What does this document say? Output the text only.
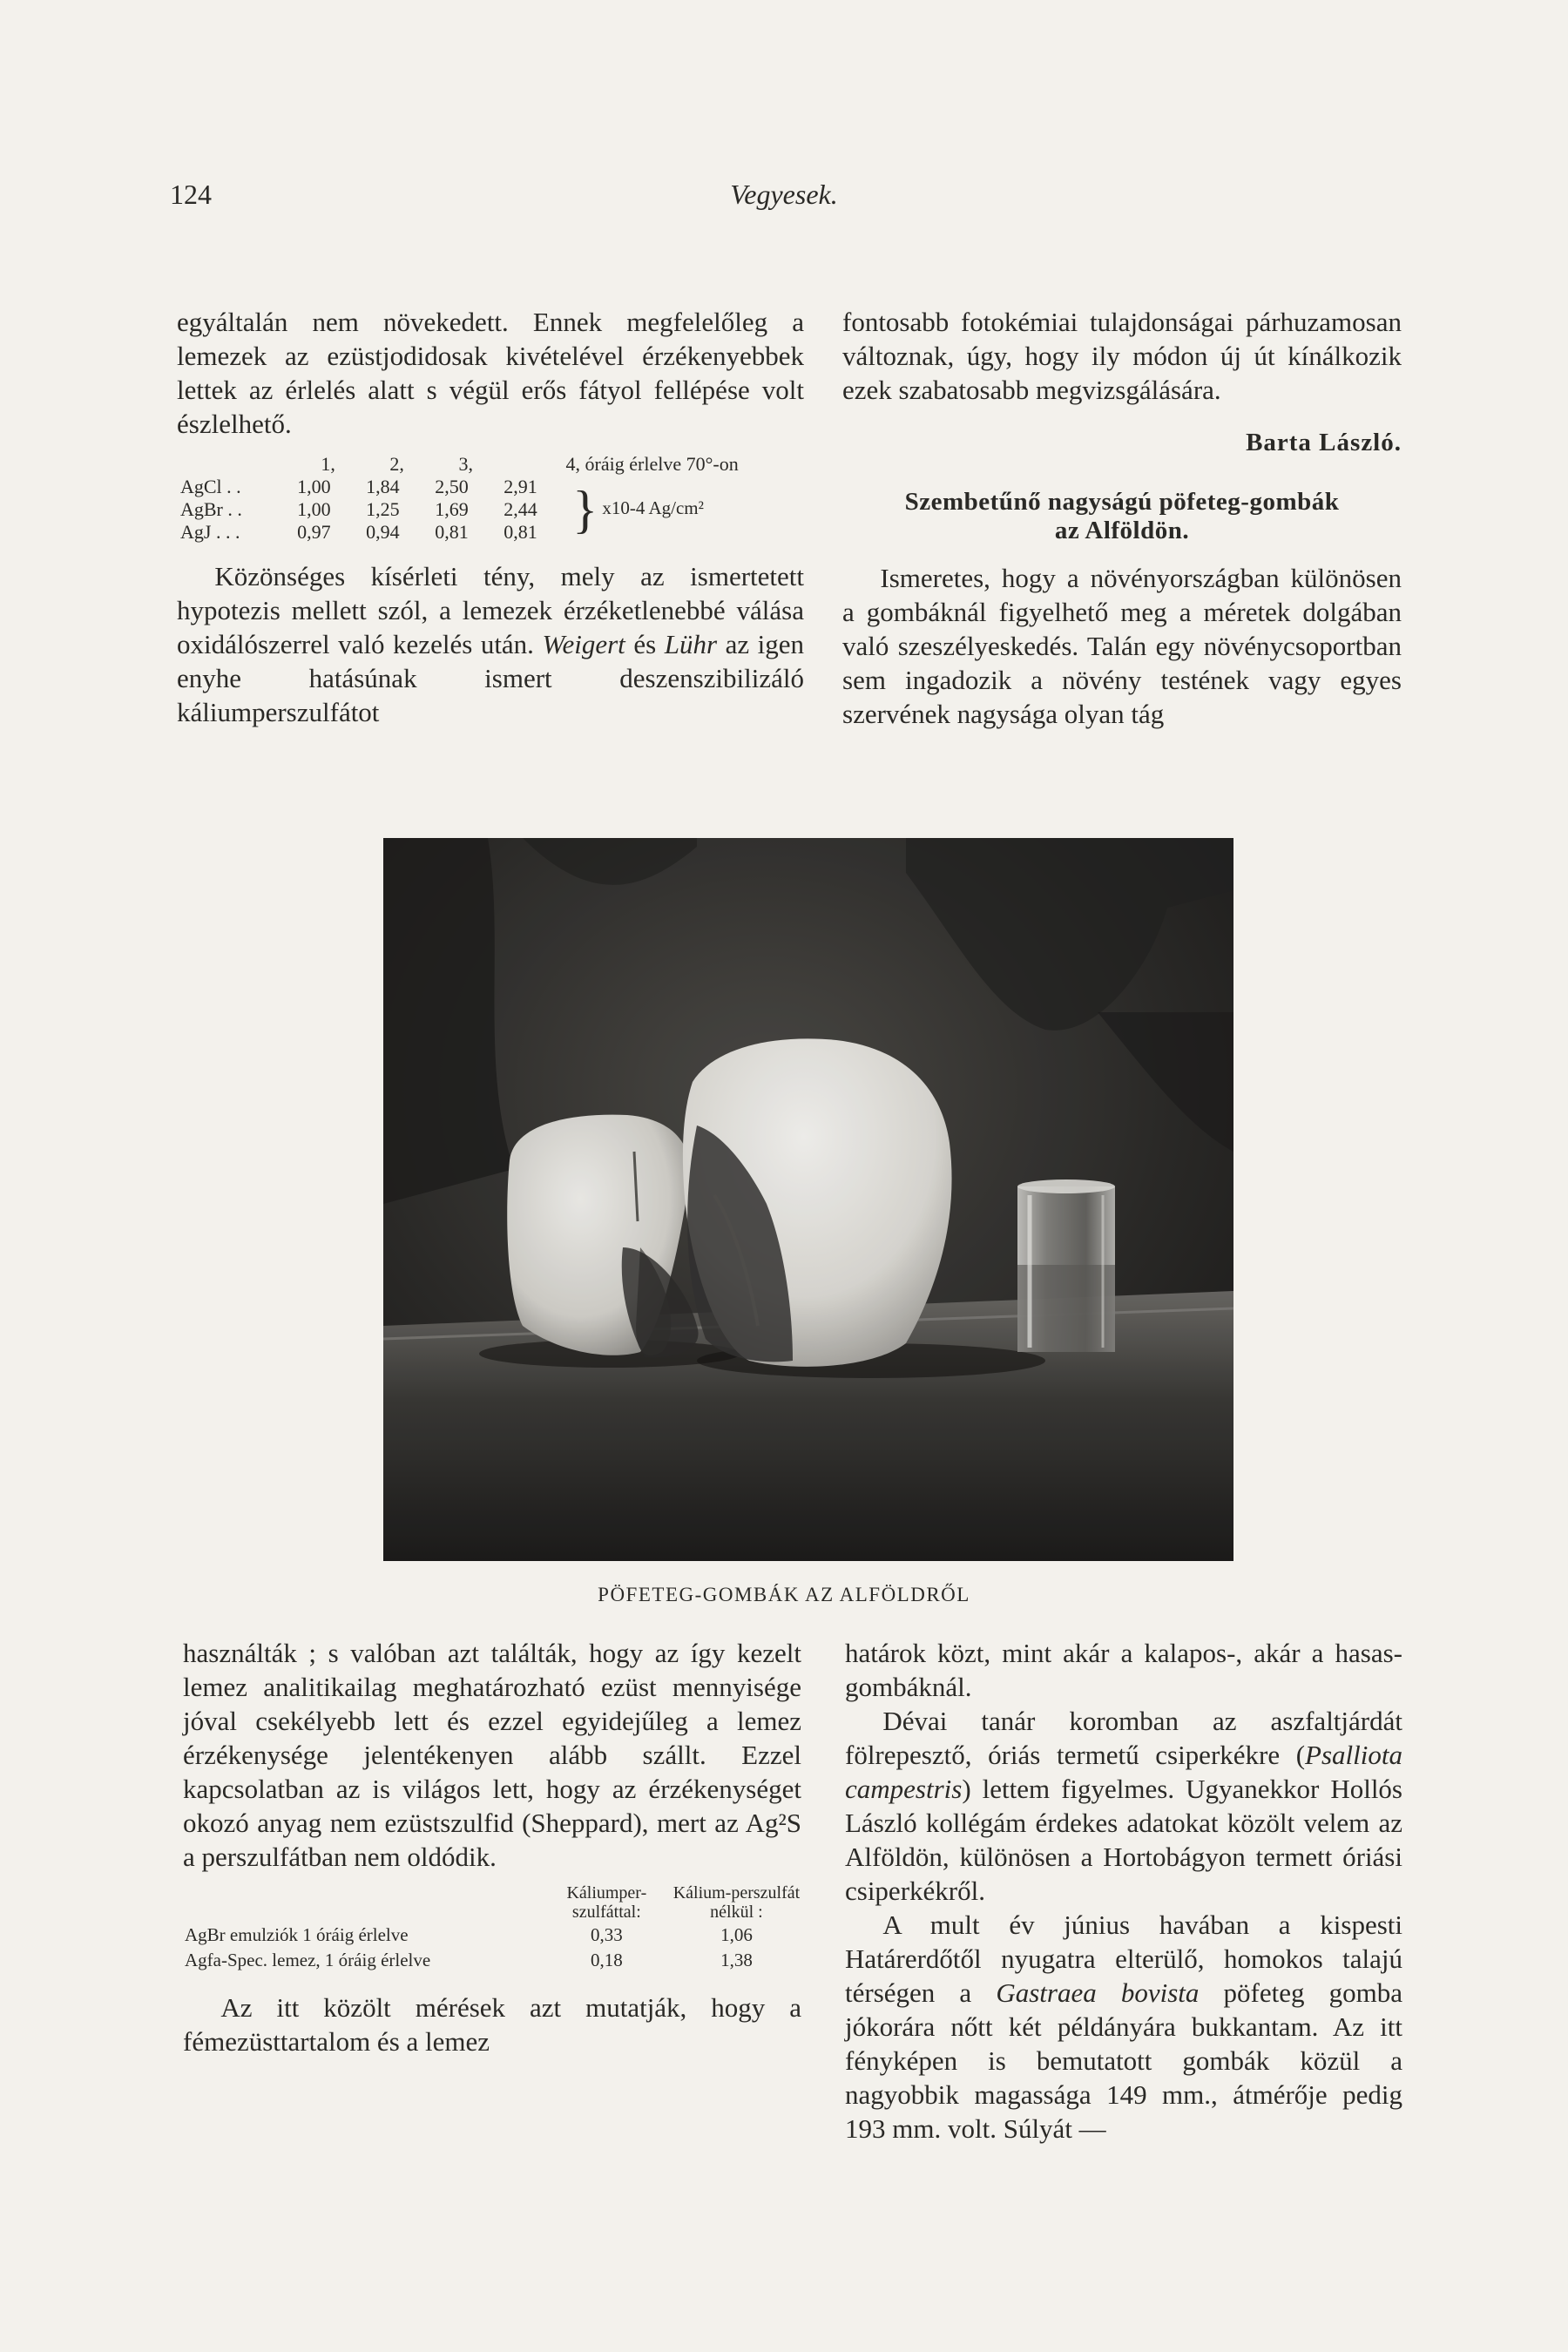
124	Vegyesek.

egyáltalán nem növekedett. Ennek megfelelőleg a lemezek az ezüstjodidosak kivételével érzékenyebbek lettek az érlelés alatt s végül erős fátyol fellépése volt észlelhető.

	1,	2,	3,	4, óráig érlelve 70°-on	
AgCl . .	1,00	1,84	2,50	2,91	} x10-4 Ag/cm²
AgBr . .	1,00	1,25	1,69	2,44	
AgJ . . .	0,97	0,94	0,81	0,81	

Közönséges kísérleti tény, mely az ismertetett hypotezis mellett szól, a lemezek érzéketlenebbé válása oxidálószerrel való kezelés után. Weigert és Lühr az igen enyhe hatásúnak ismert deszenszibilizáló káliumperszulfátot

fontosabb fotokémiai tulajdonságai párhuzamosan változnak, úgy, hogy ily módon új út kínálkozik ezek szabatosabb megvizsgálására.

Barta László.

Szembetűnő nagyságú pöfeteg-gombák
az Alföldön.

Ismeretes, hogy a növényországban különösen a gombáknál figyelhető meg a méretek dolgában való szeszélyeskedés. Talán egy növénycsoportban sem ingadozik a növény testének vagy egyes szervének nagysága olyan tág

PÖFETEG-GOMBÁK AZ ALFÖLDRŐL

használták ; s valóban azt találták, hogy az így kezelt lemez analitikailag meghatározható ezüst mennyisége jóval csekélyebb lett és ezzel egyidejűleg a lemez érzékenysége jelentékenyen alább szállt. Ezzel kapcsolatban az is világos lett, hogy az érzékenységet okozó anyag nem ezüstszulfid (Sheppard), mert az Ag²S a perszulfátban nem oldódik.

	Káliumper-szulfáttal:	Kálium-perszulfát nélkül :
AgBr emulziók 1 óráig érlelve	0,33	1,06
Agfa-Spec. lemez, 1 óráig érlelve	0,18	1,38

Az itt közölt mérések azt mutatják, hogy a fémezüsttartalom és a lemez

határok közt, mint akár a kalapos-, akár a hasas-gombáknál.

Dévai tanár koromban az aszfaltjárdát fölrepesztő, óriás termetű csiperkékre (Psalliota campestris) lettem figyelmes. Ugyanekkor Hollós László kollégám érdekes adatokat közölt velem az Alföldön, különösen a Hortobágyon termett óriási csiperkékről.

A mult év június havában a kispesti Határerdőtől nyugatra elterülő, homokos talajú térségen a Gastraea bovista pöfeteg gomba jókorára nőtt két példányára bukkantam. Az itt fényképen is bemutatott gombák közül a nagyobbik magassága 149 mm., átmérője pedig 193 mm. volt. Súlyát —
